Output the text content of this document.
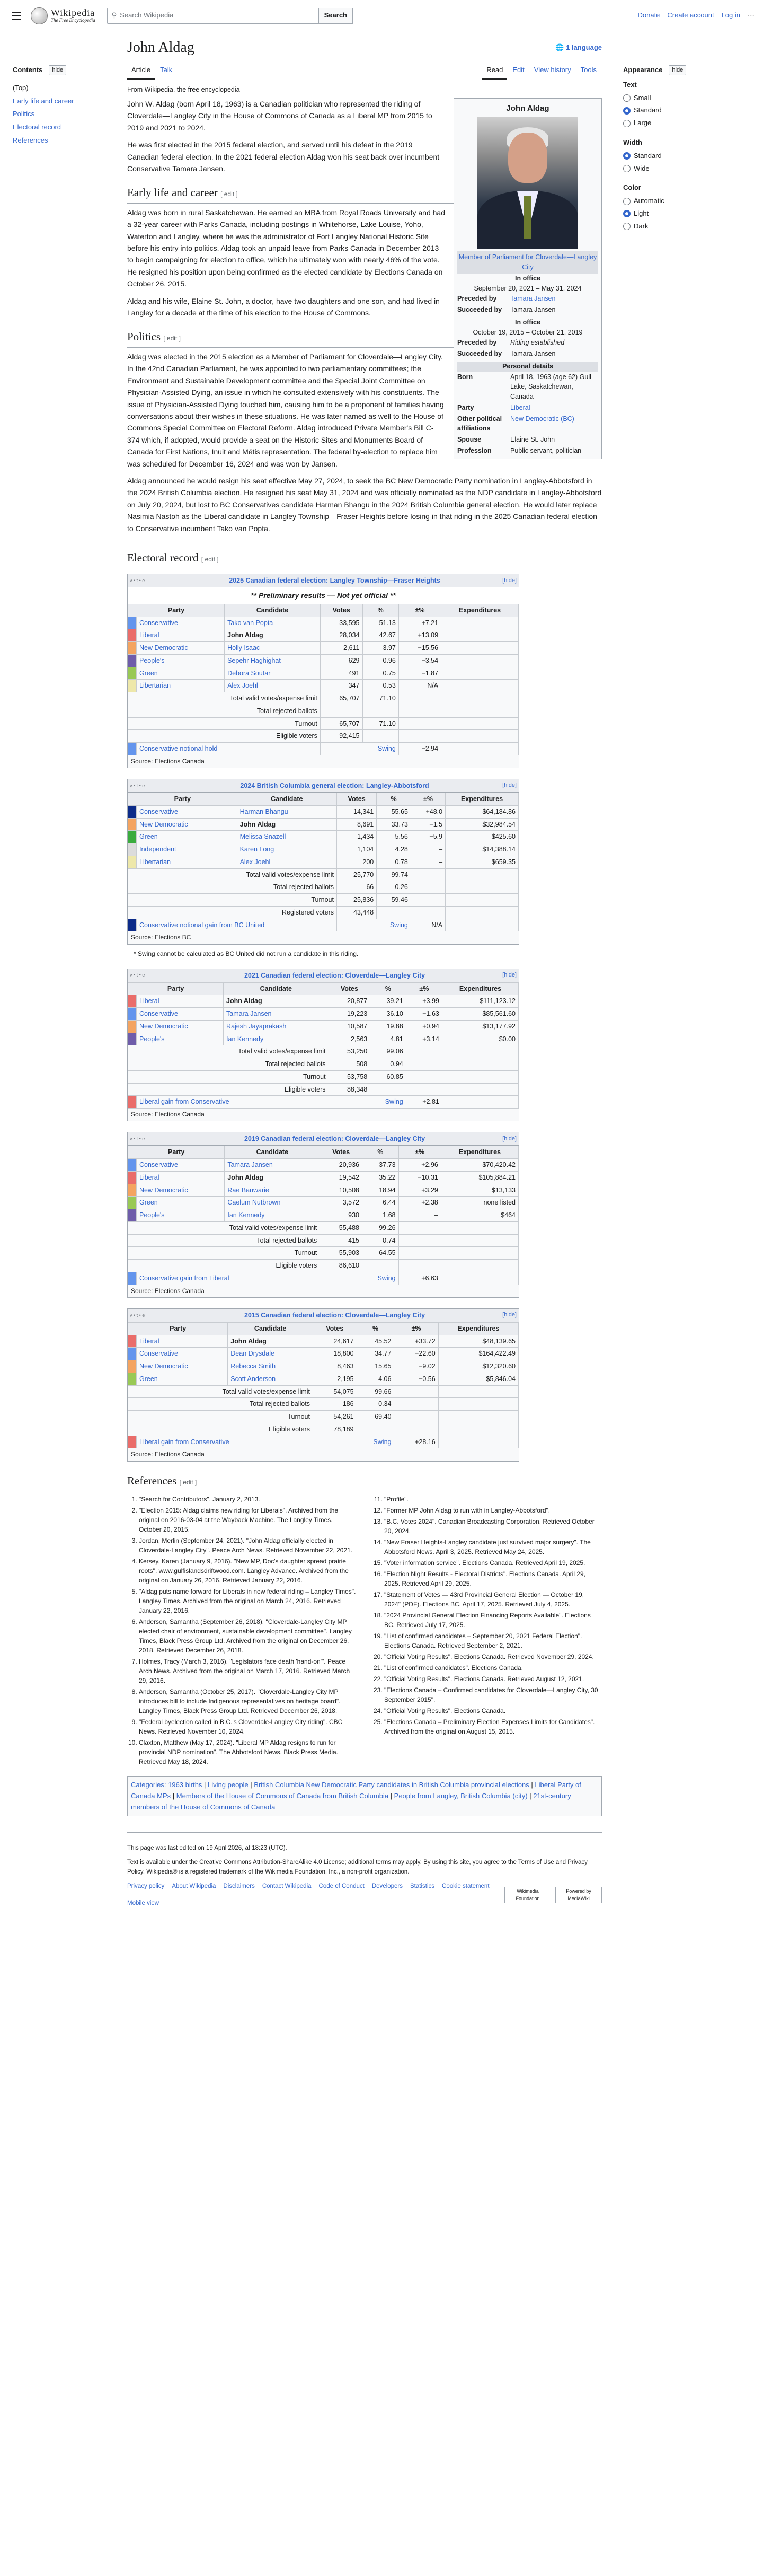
Wikipedia
The Free Encyclopedia
⚲ Search Wikipedia	Search	Donate Create account Log in ⋯
Contents	hide
(Top)
Early life and career
Politics
Electoral record
References
John Aldag	🌐 1 language
Article	Talk	Read	Edit	View history	Tools
From Wikipedia, the free encyclopedia
John Aldag
Member of Parliament for Cloverdale—Langley City
In office
September 20, 2021 – May 31, 2024
Preceded by	Tamara Jansen
Succeeded by	Tamara Jansen
In office
October 19, 2015 – October 21, 2019
Preceded by	Riding established
Succeeded by	Tamara Jansen
Personal details
Born	April 18, 1963 (age 62) Gull Lake, Saskatchewan, Canada
Party	Liberal
Other political affiliations
New Democratic (BC)
Spouse	Elaine St. John
Profession	Public servant, politician

John W. Aldag (born April 18, 1963) is a Canadian politician who represented the riding of Cloverdale—Langley City in the House of Commons of Canada as a Liberal MP from 2015 to 2019 and 2021 to 2024.

He was first elected in the 2015 federal election, and served until his defeat in the 2019 Canadian federal election. In the 2021 federal election Aldag won his seat back over incumbent Conservative Tamara Jansen.

Early life and career [ edit ]

Aldag was born in rural Saskatchewan. He earned an MBA from Royal Roads University and had a 32-year career with Parks Canada, including postings in Whitehorse, Lake Louise, Yoho, Waterton and Langley, where he was the administrator of Fort Langley National Historic Site before his entry into politics. Aldag took an unpaid leave from Parks Canada in December 2013 to begin campaigning for election to office, which he ultimately won with nearly 46% of the vote. He resigned his position upon being confirmed as the elected candidate by Elections Canada on October 26, 2015.

Aldag and his wife, Elaine St. John, a doctor, have two daughters and one son, and had lived in Langley for a decade at the time of his election to the House of Commons.

Politics [ edit ]

Aldag was elected in the 2015 election as a Member of Parliament for Cloverdale—Langley City. In the 42nd Canadian Parliament, he was appointed to two parliamentary committees; the Environment and Sustainable Development committee and the Special Joint Committee on Physician-Assisted Dying, an issue in which he consulted extensively with his constituents. The issue of Physician-Assisted Dying touched him, causing him to be a proponent of families having conversations about their wishes in these situations. He was later named as well to the House of Commons Special Committee on Electoral Reform. Aldag introduced Private Member's Bill C-374 which, if adopted, would provide a seat on the Historic Sites and Monuments Board of Canada for First Nations, Inuit and Métis representation. The federal by-election to replace him was scheduled for December 16, 2024 and was won by Jansen.

Aldag announced he would resign his seat effective May 27, 2024, to seek the BC New Democratic Party nomination in Langley-Abbotsford in the 2024 British Columbia election. He resigned his seat May 31, 2024 and was officially nominated as the NDP candidate in Langley-Abbotsford on July 20, 2024, but lost to BC Conservatives candidate Harman Bhangu in the 2024 British Columbia general election. He would later replace Nasimia Nastoh as the Liberal candidate in Langley Township—Fraser Heights before losing in that riding in the 2025 Canadian federal election to Conservative incumbent Tako van Popta.

Electoral record [ edit ]
v • t • e	2025 Canadian federal election: Langley Township—Fraser Heights	[hide]
** Preliminary results — Not yet official **
Party		Candidate	Votes	%	±%	Expenditures
	Conservative	Tako van Popta	33,595	51.13	+7.21	
	Liberal	John Aldag	28,034	42.67	+13.09	
	New Democratic	Holly Isaac	2,611	3.97	−15.56	
	People's	Sepehr Haghighat	629	0.96	−3.54	
	Green	Debora Soutar	491	0.75	−1.87	
	Libertarian	Alex Joehl	347	0.53	N/A	
Total valid votes/expense limit			65,707	71.10		
Total rejected ballots						
Turnout			65,707	71.10		
Eligible voters			92,415			
	Conservative notional hold		Swing		−2.94	
Source: Elections Canada
v • t • e	2024 British Columbia general election: Langley-Abbotsford	[hide]
Party		Candidate	Votes	%	±%	Expenditures
	Conservative	Harman Bhangu	14,341	55.65	+48.0	$64,184.86
	New Democratic	John Aldag	8,691	33.73	−1.5	$32,984.54
	Green	Melissa Snazell	1,434	5.56	−5.9	$425.60
	Independent	Karen Long	1,104	4.28	–	$14,388.14
	Libertarian	Alex Joehl	200	0.78	–	$659.35
Total valid votes/expense limit			25,770	99.74		
Total rejected ballots			66	0.26		
Turnout			25,836	59.46		
Registered voters			43,448			
	Conservative notional gain from BC United		Swing		N/A	
Source: Elections BC
* Swing cannot be calculated as BC United did not run a candidate in this riding.
v • t • e	2021 Canadian federal election: Cloverdale—Langley City	[hide]
Party		Candidate	Votes	%	±%	Expenditures
	Liberal	John Aldag	20,877	39.21	+3.99	$111,123.12
	Conservative	Tamara Jansen	19,223	36.10	−1.63	$85,561.60
	New Democratic	Rajesh Jayaprakash	10,587	19.88	+0.94	$13,177.92
	People's	Ian Kennedy	2,563	4.81	+3.14	$0.00
Total valid votes/expense limit			53,250	99.06		
Total rejected ballots			508	0.94		
Turnout			53,758	60.85		
Eligible voters			88,348			
	Liberal gain from Conservative		Swing		+2.81	
Source: Elections Canada
v • t • e	2019 Canadian federal election: Cloverdale—Langley City	[hide]
Party		Candidate	Votes	%	±%	Expenditures
	Conservative	Tamara Jansen	20,936	37.73	+2.96	$70,420.42
	Liberal	John Aldag	19,542	35.22	−10.31	$105,884.21
	New Democratic	Rae Banwarie	10,508	18.94	+3.29	$13,133
	Green	Caelum Nutbrown	3,572	6.44	+2.38	none listed
	People's	Ian Kennedy	930	1.68	–	$464
Total valid votes/expense limit			55,488	99.26		
Total rejected ballots			415	0.74		
Turnout			55,903	64.55		
Eligible voters			86,610			
	Conservative gain from Liberal		Swing		+6.63	
Source: Elections Canada
v • t • e	2015 Canadian federal election: Cloverdale—Langley City	[hide]
Party		Candidate	Votes	%	±%	Expenditures
	Liberal	John Aldag	24,617	45.52	+33.72	$48,139.65
	Conservative	Dean Drysdale	18,800	34.77	−22.60	$164,422.49
	New Democratic	Rebecca Smith	8,463	15.65	−9.02	$12,320.60
	Green	Scott Anderson	2,195	4.06	−0.56	$5,846.04
Total valid votes/expense limit			54,075	99.66		
Total rejected ballots			186	0.34		
Turnout			54,261	69.40		
Eligible voters			78,189			
	Liberal gain from Conservative		Swing		+28.16	
Source: Elections Canada
References [ edit ]
1. "Search for Contributors". January 2, 2013.
2. "Election 2015: Aldag claims new riding for Liberals". Archived from the original on 2016-03-04 at the Wayback Machine. The Langley Times. October 20, 2015.
3. Jordan, Merlin (September 24, 2021). "John Aldag officially elected in Cloverdale-Langley City". Peace Arch News. Retrieved November 22, 2021.
4. Kersey, Karen (January 9, 2016). "New MP, Doc's daughter spread prairie roots". www.gulfislandsdriftwood.com. Langley Advance. Archived from the original on January 26, 2016. Retrieved January 22, 2016.
5. "Aldag puts name forward for Liberals in new federal riding – Langley Times". Langley Times. Archived from the original on March 24, 2016. Retrieved January 22, 2016.
6. Anderson, Samantha (September 26, 2018). "Cloverdale-Langley City MP elected chair of environment, sustainable development committee". Langley Times, Black Press Group Ltd. Archived from the original on December 26, 2018. Retrieved December 26, 2018.
7. Holmes, Tracy (March 3, 2016). "Legislators face death 'hand-on'". Peace Arch News. Archived from the original on March 17, 2016. Retrieved March 29, 2016.
8. Anderson, Samantha (October 25, 2017). "Cloverdale-Langley City MP introduces bill to include Indigenous representatives on heritage board". Langley Times, Black Press Group Ltd. Retrieved December 26, 2018.
9. "Federal byelection called in B.C.'s Cloverdale-Langley City riding". CBC News. Retrieved November 10, 2024.
10. Claxton, Matthew (May 17, 2024). "Liberal MP Aldag resigns to run for provincial NDP nomination". The Abbotsford News. Black Press Media. Retrieved May 18, 2024.
11. "Profile".
12. "Former MP John Aldag to run with in Langley-Abbotsford".
13. "B.C. Votes 2024". Canadian Broadcasting Corporation. Retrieved October 20, 2024.
14. "New Fraser Heights-Langley candidate just survived major surgery". The Abbotsford News. April 3, 2025. Retrieved May 24, 2025.
15. "Voter information service". Elections Canada. Retrieved April 19, 2025.
16. "Election Night Results - Electoral Districts". Elections Canada. April 29, 2025. Retrieved April 29, 2025.
17. "Statement of Votes — 43rd Provincial General Election — October 19, 2024" (PDF). Elections BC. April 17, 2025. Retrieved July 4, 2025.
18. "2024 Provincial General Election Financing Reports Available". Elections BC. Retrieved July 17, 2025.
19. "List of confirmed candidates – September 20, 2021 Federal Election". Elections Canada. Retrieved September 2, 2021.
20. "Official Voting Results". Elections Canada. Retrieved November 29, 2024.
21. "List of confirmed candidates". Elections Canada.
22. "Official Voting Results". Elections Canada. Retrieved August 12, 2021.
23. "Elections Canada – Confirmed candidates for Cloverdale—Langley City, 30 September 2015".
24. "Official Voting Results". Elections Canada.
25. "Elections Canada – Preliminary Election Expenses Limits for Candidates". Archived from the original on August 15, 2015.
Categories: 1963 births | Living people | British Columbia New Democratic Party candidates in British Columbia provincial elections | Liberal Party of Canada MPs | Members of the House of Commons of Canada from British Columbia | People from Langley, British Columbia (city) | 21st-century members of the House of Commons of Canada

This page was last edited on 19 April 2026, at 18:23 (UTC).

Text is available under the Creative Commons Attribution-ShareAlike 4.0 License; additional terms may apply. By using this site, you agree to the Terms of Use and Privacy Policy. Wikipedia® is a registered trademark of the Wikimedia Foundation, Inc., a non-profit organization.

Privacy policy About Wikipedia Disclaimers Contact Wikipedia Code of Conduct Developers Statistics Cookie statement
Mobile view
Wikimedia Foundation
Powered by MediaWiki
Appearance	hide
Text
Small
Standard
Large
Width
Standard
Wide
Color
Automatic
Light
Dark
